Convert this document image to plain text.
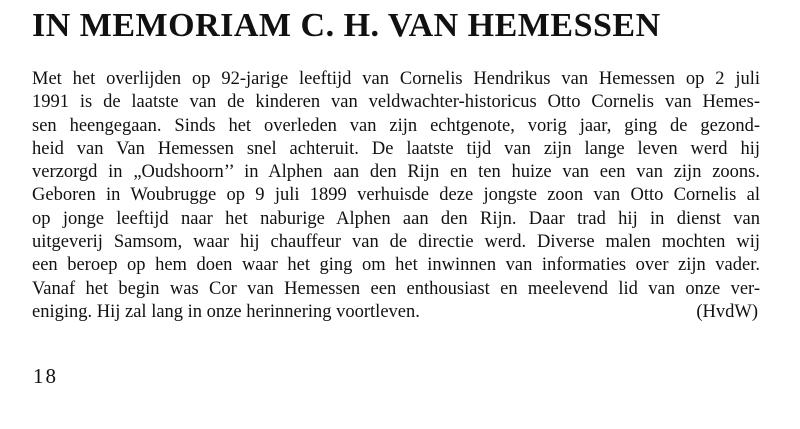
IN MEMORIAM C. H. VAN HEMESSEN
Met het overlijden op 92-jarige leeftijd van Cornelis Hendrikus van Hemessen op 2 juli
1991 is de laatste van de kinderen van veldwachter-historicus Otto Cornelis van Hemes-
sen heengegaan. Sinds het overleden van zijn echtgenote, vorig jaar, ging de gezond-
heid van Van Hemessen snel achteruit. De laatste tijd van zijn lange leven werd hij
verzorgd in „Oudshoorn’’ in Alphen aan den Rijn en ten huize van een van zijn zoons.
Geboren in Woubrugge op 9 juli 1899 verhuisde deze jongste zoon van Otto Cornelis al
op jonge leeftijd naar het naburige Alphen aan den Rijn. Daar trad hij in dienst van
uitgeverij Samsom, waar hij chauffeur van de directie werd. Diverse malen mochten wij
een beroep op hem doen waar het ging om het inwinnen van informaties over zijn vader.
Vanaf het begin was Cor van Hemessen een enthousiast en meelevend lid van onze ver-
eniging. Hij zal lang in onze herinnering voortleven.	(HvdW)
18
